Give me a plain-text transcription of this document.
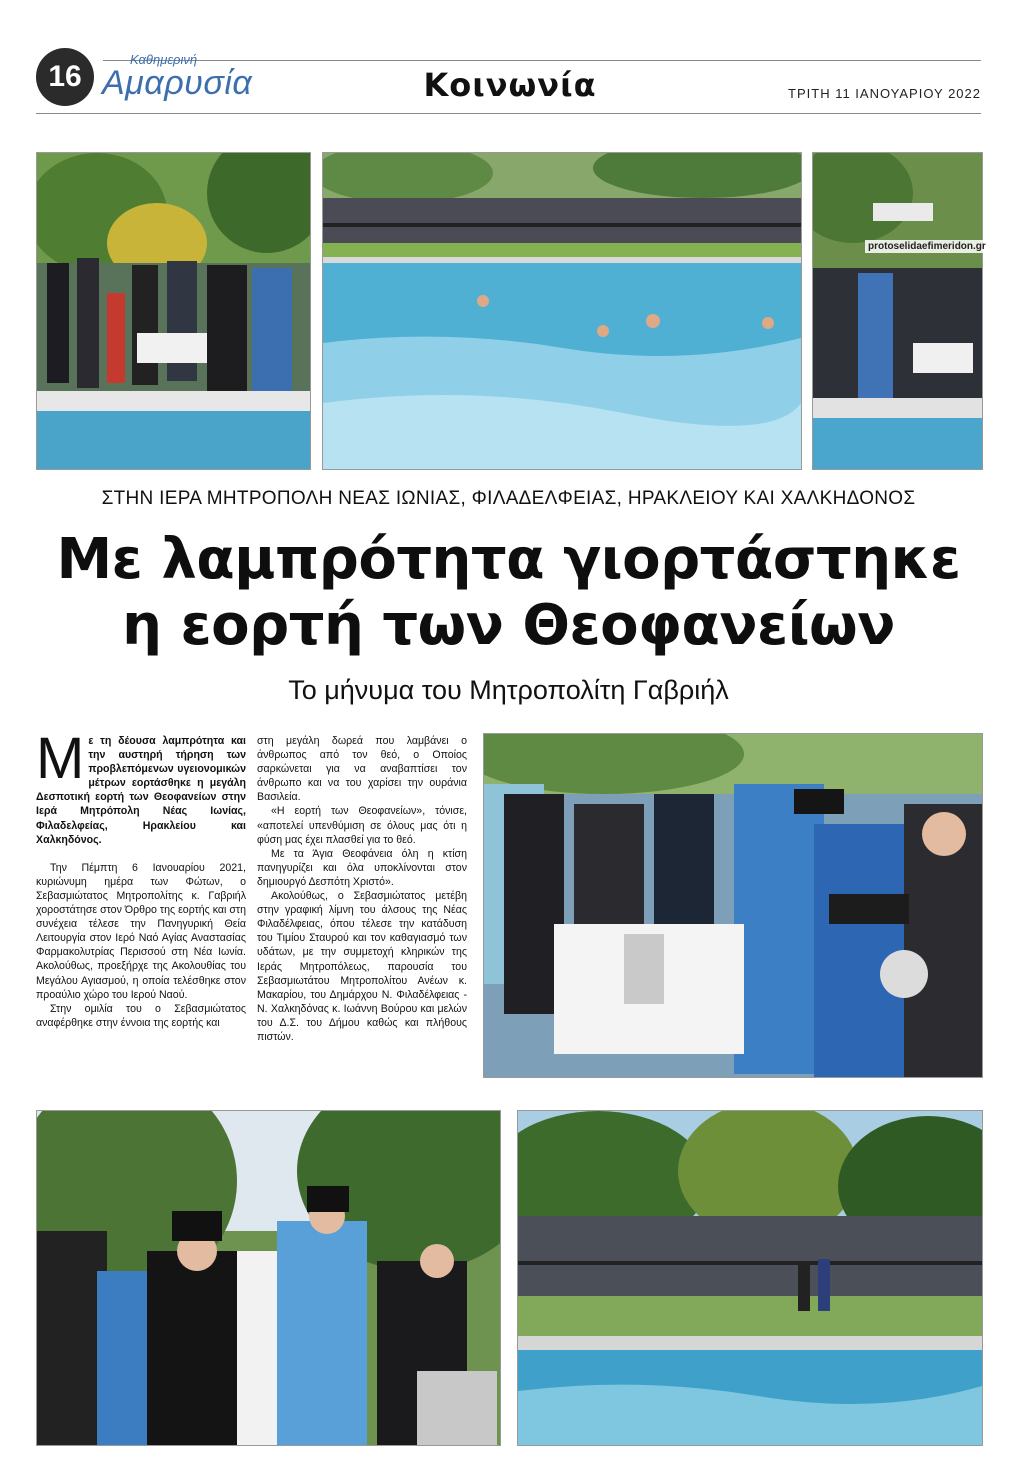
16
Καθημερινή
Αμαρυσία	Κοινωνία	ΤΡΙΤΗ 11 ΙΑΝΟΥΑΡΙΟΥ 2022
protoselidaefimeridon.gr
ΣΤΗΝ ΙΕΡΑ ΜΗΤΡΟΠΟΛΗ ΝΕΑΣ ΙΩΝΙΑΣ, ΦΙΛΑΔΕΛΦΕΙΑΣ, ΗΡΑΚΛΕΙΟΥ ΚΑΙ ΧΑΛΚΗΔΟΝΟΣ
Με λαμπρότητα γιορτάστηκε
η εορτή των Θεοφανείων
Το μήνυμα του Μητροπολίτη Γαβριήλ
Μ ε τη δέουσα λαμπρότητα και την αυστηρή τήρηση των προβλεπόμενων υγειονομικών μέτρων εορτάσθηκε η μεγάλη Δεσποτική εορτή των Θεοφανείων στην Ιερά Μητρόπολη Νέας Ιωνίας, Φιλαδελφείας, Ηρακλείου και Χαλκηδόνος.

Την Πέμπτη 6 Ιανουαρίου 2021, κυριώνυμη ημέρα των Φώτων, ο Σεβασμιώτατος Μητροπολίτης κ. Γαβριήλ χοροστάτησε στον Όρθρο της εορτής και στη συνέχεια τέλεσε την Πανηγυρική Θεία Λειτουργία στον Ιερό Ναό Αγίας Αναστασίας Φαρμακολυτρίας Περισσού στη Νέα Ιωνία. Ακολούθως, προεξήρχε της Ακολουθίας του Μεγάλου Αγιασμού, η οποία τελέσθηκε στον προαύλιο χώρο του Ιερού Ναού.

Στην ομιλία του ο Σεβασμιώτατος αναφέρθηκε στην έννοια της εορτής και

στη μεγάλη δωρεά που λαμβάνει ο άνθρωπος από τον θεό, ο Οποίος σαρκώνεται για να αναβαπτίσει τον άνθρωπο και να του χαρίσει την ουράνια Βασιλεία.

«Η εορτή των Θεοφανείων», τόνισε, «αποτελεί υπενθύμιση σε όλους μας ότι η φύση μας έχει πλασθεί για το θεό.

Με τα Άγια Θεοφάνεια όλη η κτίση πανηγυρίζει και όλα υποκλίνονται στον δημιουργό Δεσπότη Χριστό».

Ακολούθως, ο Σεβασμιώτατος μετέβη στην γραφική λίμνη του άλσους της Νέας Φιλαδέλφειας, όπου τέλεσε την κατάδυση του Τιμίου Σταυρού και τον καθαγιασμό των υδάτων, με την συμμετοχή κληρικών της Ιεράς Μητροπόλεως, παρουσία του Σεβασμιωτάτου Μητροπολίτου Ανέων κ. Μακαρίου, του Δημάρχου Ν. Φιλαδέλφειας - Ν. Χαλκηδόνας κ. Ιωάννη Βούρου και μελών του Δ.Σ. του Δήμου καθώς και πλήθους πιστών.
